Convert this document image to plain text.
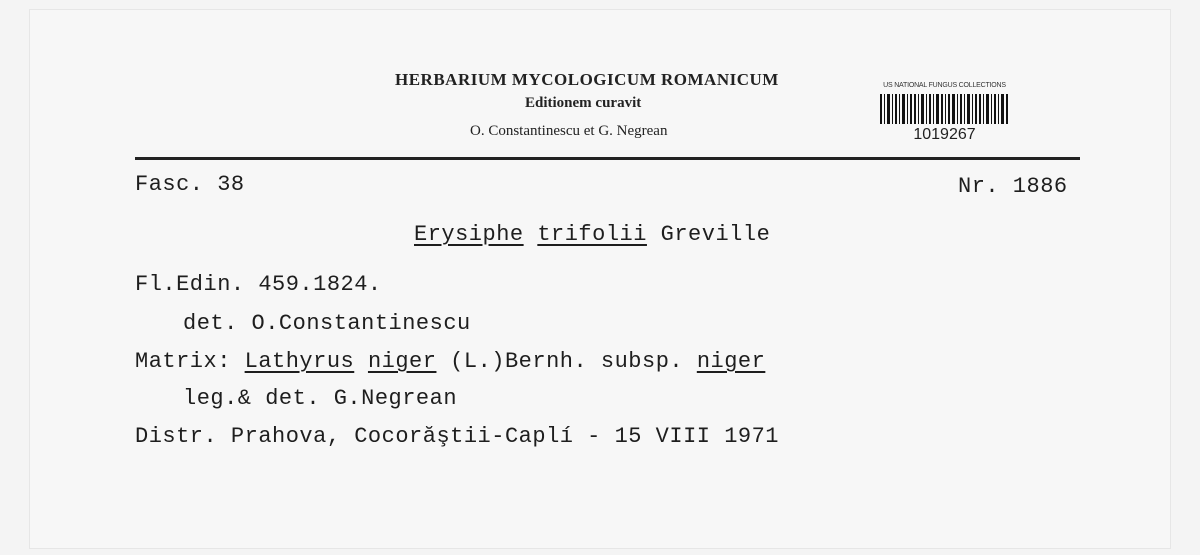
HERBARIUM MYCOLOGICUM ROMANICUM
Editionem curavit
O. Constantinescu et G. Negrean
US NATIONAL FUNGUS COLLECTIONS
1019267
Fasc. 38	Nr. 1886
Erysiphe trifolii Greville
Fl.Edin. 459.1824.
det. O.Constantinescu
Matrix: Lathyrus niger (L.)Bernh. subsp. niger
leg.& det. G.Negrean
Distr. Prahova, Cocorăştii-Caplí - 15 VIII 1971
